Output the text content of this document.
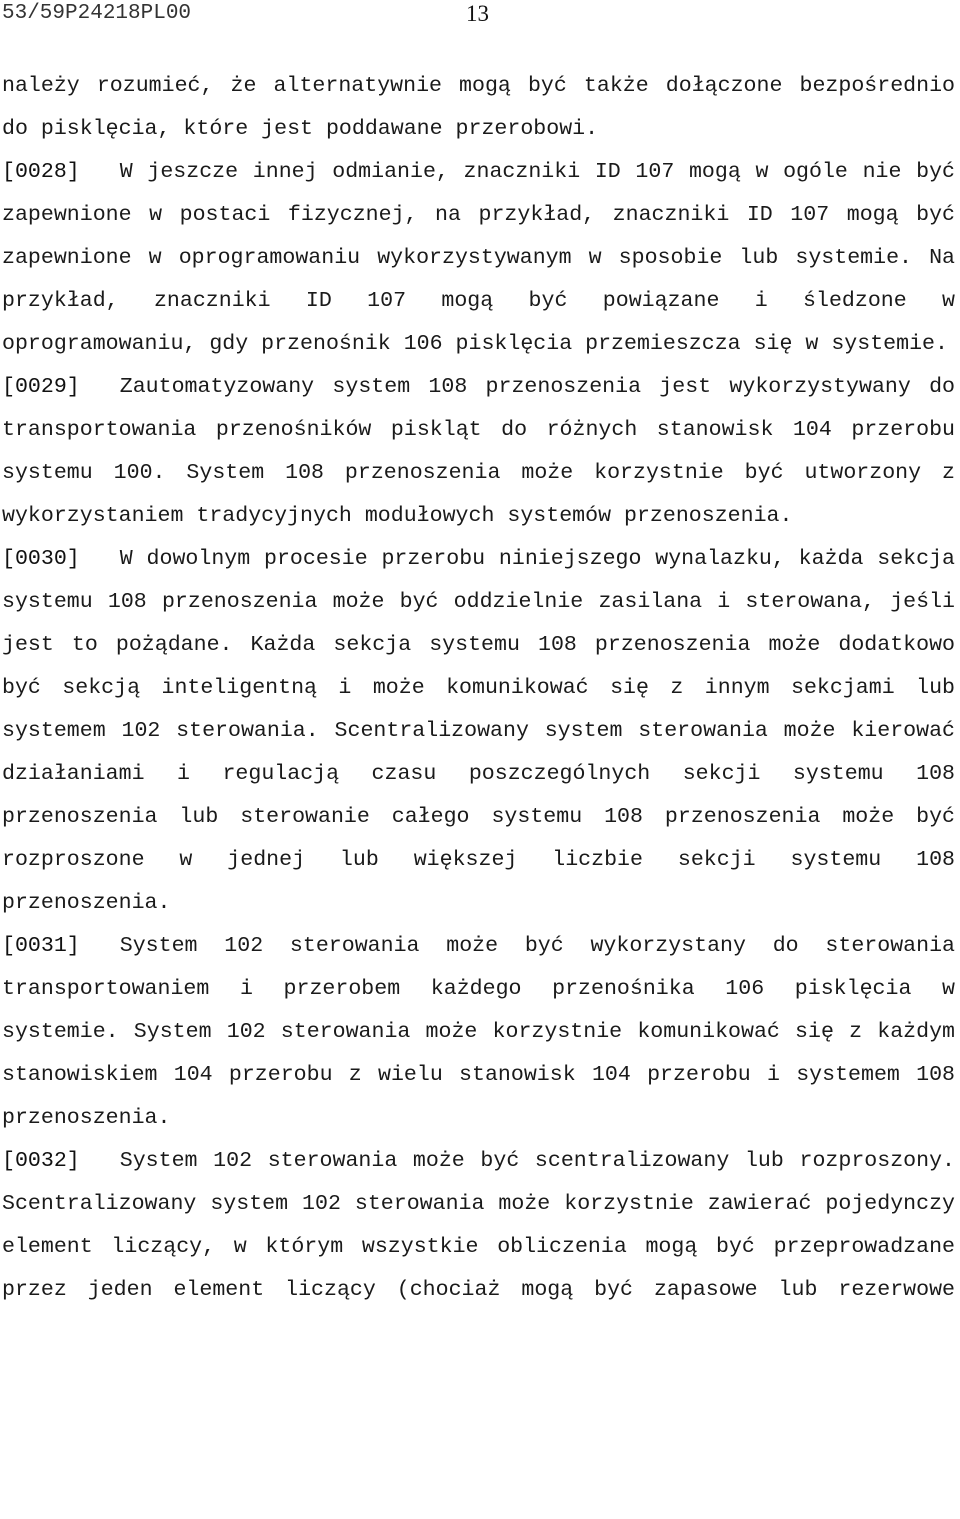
53/59P24218PL00	13

należy rozumieć, że alternatywnie mogą być także dołączone bezpośrednio do pisklęcia, które jest poddawane przerobowi.

[0028] W jeszcze innej odmianie, znaczniki ID 107 mogą w ogóle nie być zapewnione w postaci fizycznej, na przykład, znaczniki ID 107 mogą być zapewnione w oprogramowaniu wykorzystywanym w sposobie lub systemie. Na przykład, znaczniki ID 107 mogą być powiązane i śledzone w oprogramowaniu, gdy przenośnik 106 pisklęcia przemieszcza się w systemie.

[0029] Zautomatyzowany system 108 przenoszenia jest wykorzystywany do transportowania przenośników piskląt do różnych stanowisk 104 przerobu systemu 100. System 108 przenoszenia może korzystnie być utworzony z wykorzystaniem tradycyjnych modułowych systemów przenoszenia.

[0030] W dowolnym procesie przerobu niniejszego wynalazku, każda sekcja systemu 108 przenoszenia może być oddzielnie zasilana i sterowana, jeśli jest to pożądane. Każda sekcja systemu 108 przenoszenia może dodatkowo być sekcją inteligentną i może komunikować się z innym sekcjami lub systemem 102 sterowania. Scentralizowany system sterowania może kierować działaniami i regulacją czasu poszczególnych sekcji systemu 108 przenoszenia lub sterowanie całego systemu 108 przenoszenia może być rozproszone w jednej lub większej liczbie sekcji systemu 108 przenoszenia.

[0031] System 102 sterowania może być wykorzystany do sterowania transportowaniem i przerobem każdego przenośnika 106 pisklęcia w systemie. System 102 sterowania może korzystnie komunikować się z każdym stanowiskiem 104 przerobu z wielu stanowisk 104 przerobu i systemem 108 przenoszenia.

[0032] System 102 sterowania może być scentralizowany lub rozproszony. Scentralizowany system 102 sterowania może korzystnie zawierać pojedynczy element liczący, w którym wszystkie obliczenia mogą być przeprowadzane przez jeden element liczący (chociaż mogą być zapasowe lub rezerwowe
